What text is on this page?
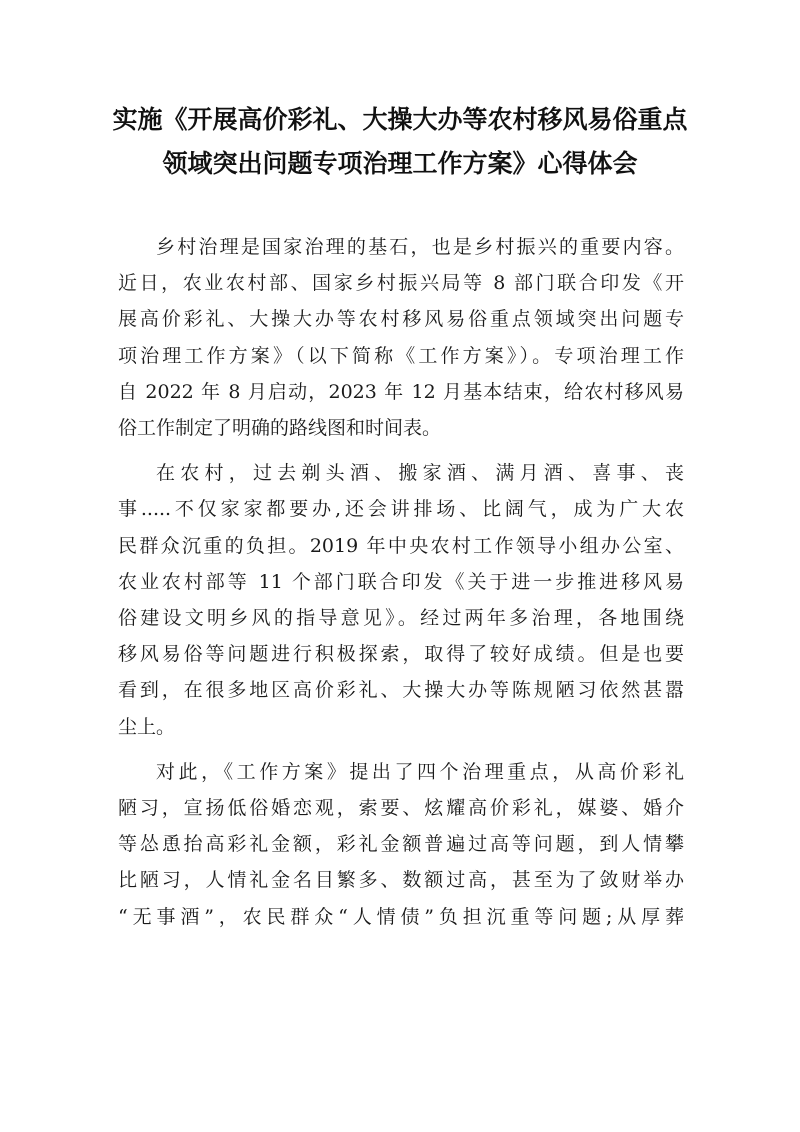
实施《开展高价彩礼、大操大办等农村移风易俗重点
领域突出问题专项治理工作方案》心得体会
乡村治理是国家治理的基石，也是乡村振兴的重要内容。
近日，农业农村部、国家乡村振兴局等 8 部门联合印发《开
展高价彩礼、大操大办等农村移风易俗重点领域突出问题专
项治理工作方案》（以下简称《工作方案》）。专项治理工作
自 2022 年 8 月启动，2023 年 12 月基本结束，给农村移风易
俗工作制定了明确的路线图和时间表。
在农村，过去剃头酒、搬家酒、满月酒、喜事、丧
事.....不仅家家都要办,还会讲排场、比阔气，成为广大农
民群众沉重的负担。2019 年中央农村工作领导小组办公室、
农业农村部等 11 个部门联合印发《关于进一步推进移风易
俗建设文明乡风的指导意见》。经过两年多治理，各地围绕
移风易俗等问题进行积极探索，取得了较好成绩。但是也要
看到，在很多地区高价彩礼、大操大办等陈规陋习依然甚嚣
尘上。
对此，《工作方案》提出了四个治理重点，从高价彩礼
陋习，宣扬低俗婚恋观，索要、炫耀高价彩礼，媒婆、婚介
等怂恿抬高彩礼金额，彩礼金额普遍过高等问题，到人情攀
比陋习，人情礼金名目繁多、数额过高，甚至为了敛财举办
“无事酒”，农民群众“人情债”负担沉重等问题;从厚葬
